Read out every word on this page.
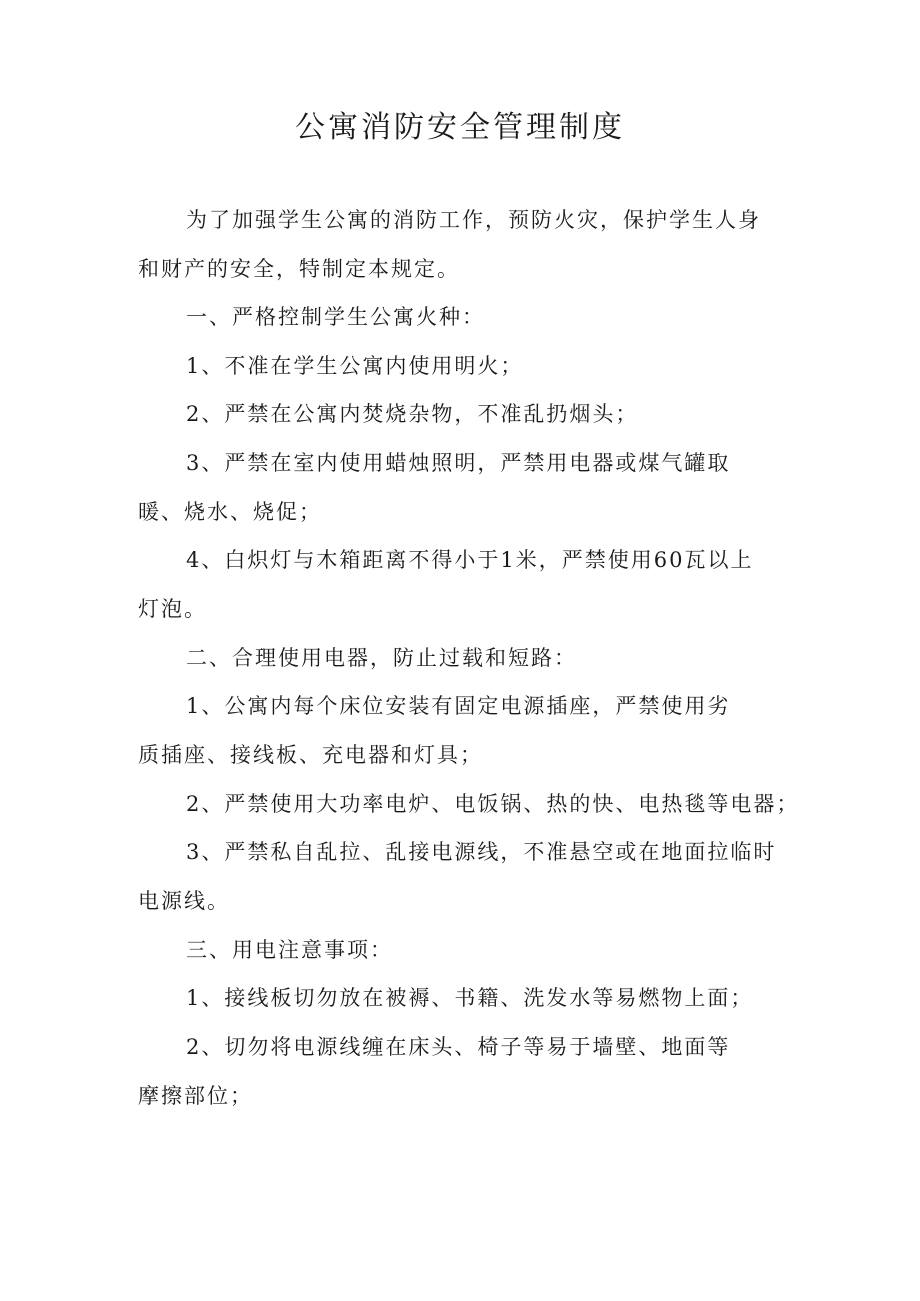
公寓消防安全管理制度
为了加强学生公寓的消防工作，预防火灾，保护学生人身
和财产的安全，特制定本规定。
一、严格控制学生公寓火种：
1、不准在学生公寓内使用明火；
2、严禁在公寓内焚烧杂物，不准乱扔烟头；
3、严禁在室内使用蜡烛照明，严禁用电器或煤气罐取
暖、烧水、烧促；
4、白炽灯与木箱距离不得小于1米，严禁使用60瓦以上
灯泡。
二、合理使用电器，防止过载和短路：
1、公寓内每个床位安装有固定电源插座，严禁使用劣
质插座、接线板、充电器和灯具；
2、严禁使用大功率电炉、电饭锅、热的快、电热毯等电器；
3、严禁私自乱拉、乱接电源线，不准悬空或在地面拉临时
电源线。
三、用电注意事项：
1、接线板切勿放在被褥、书籍、洗发水等易燃物上面；
2、切勿将电源线缠在床头、椅子等易于墙壁、地面等
摩擦部位；
